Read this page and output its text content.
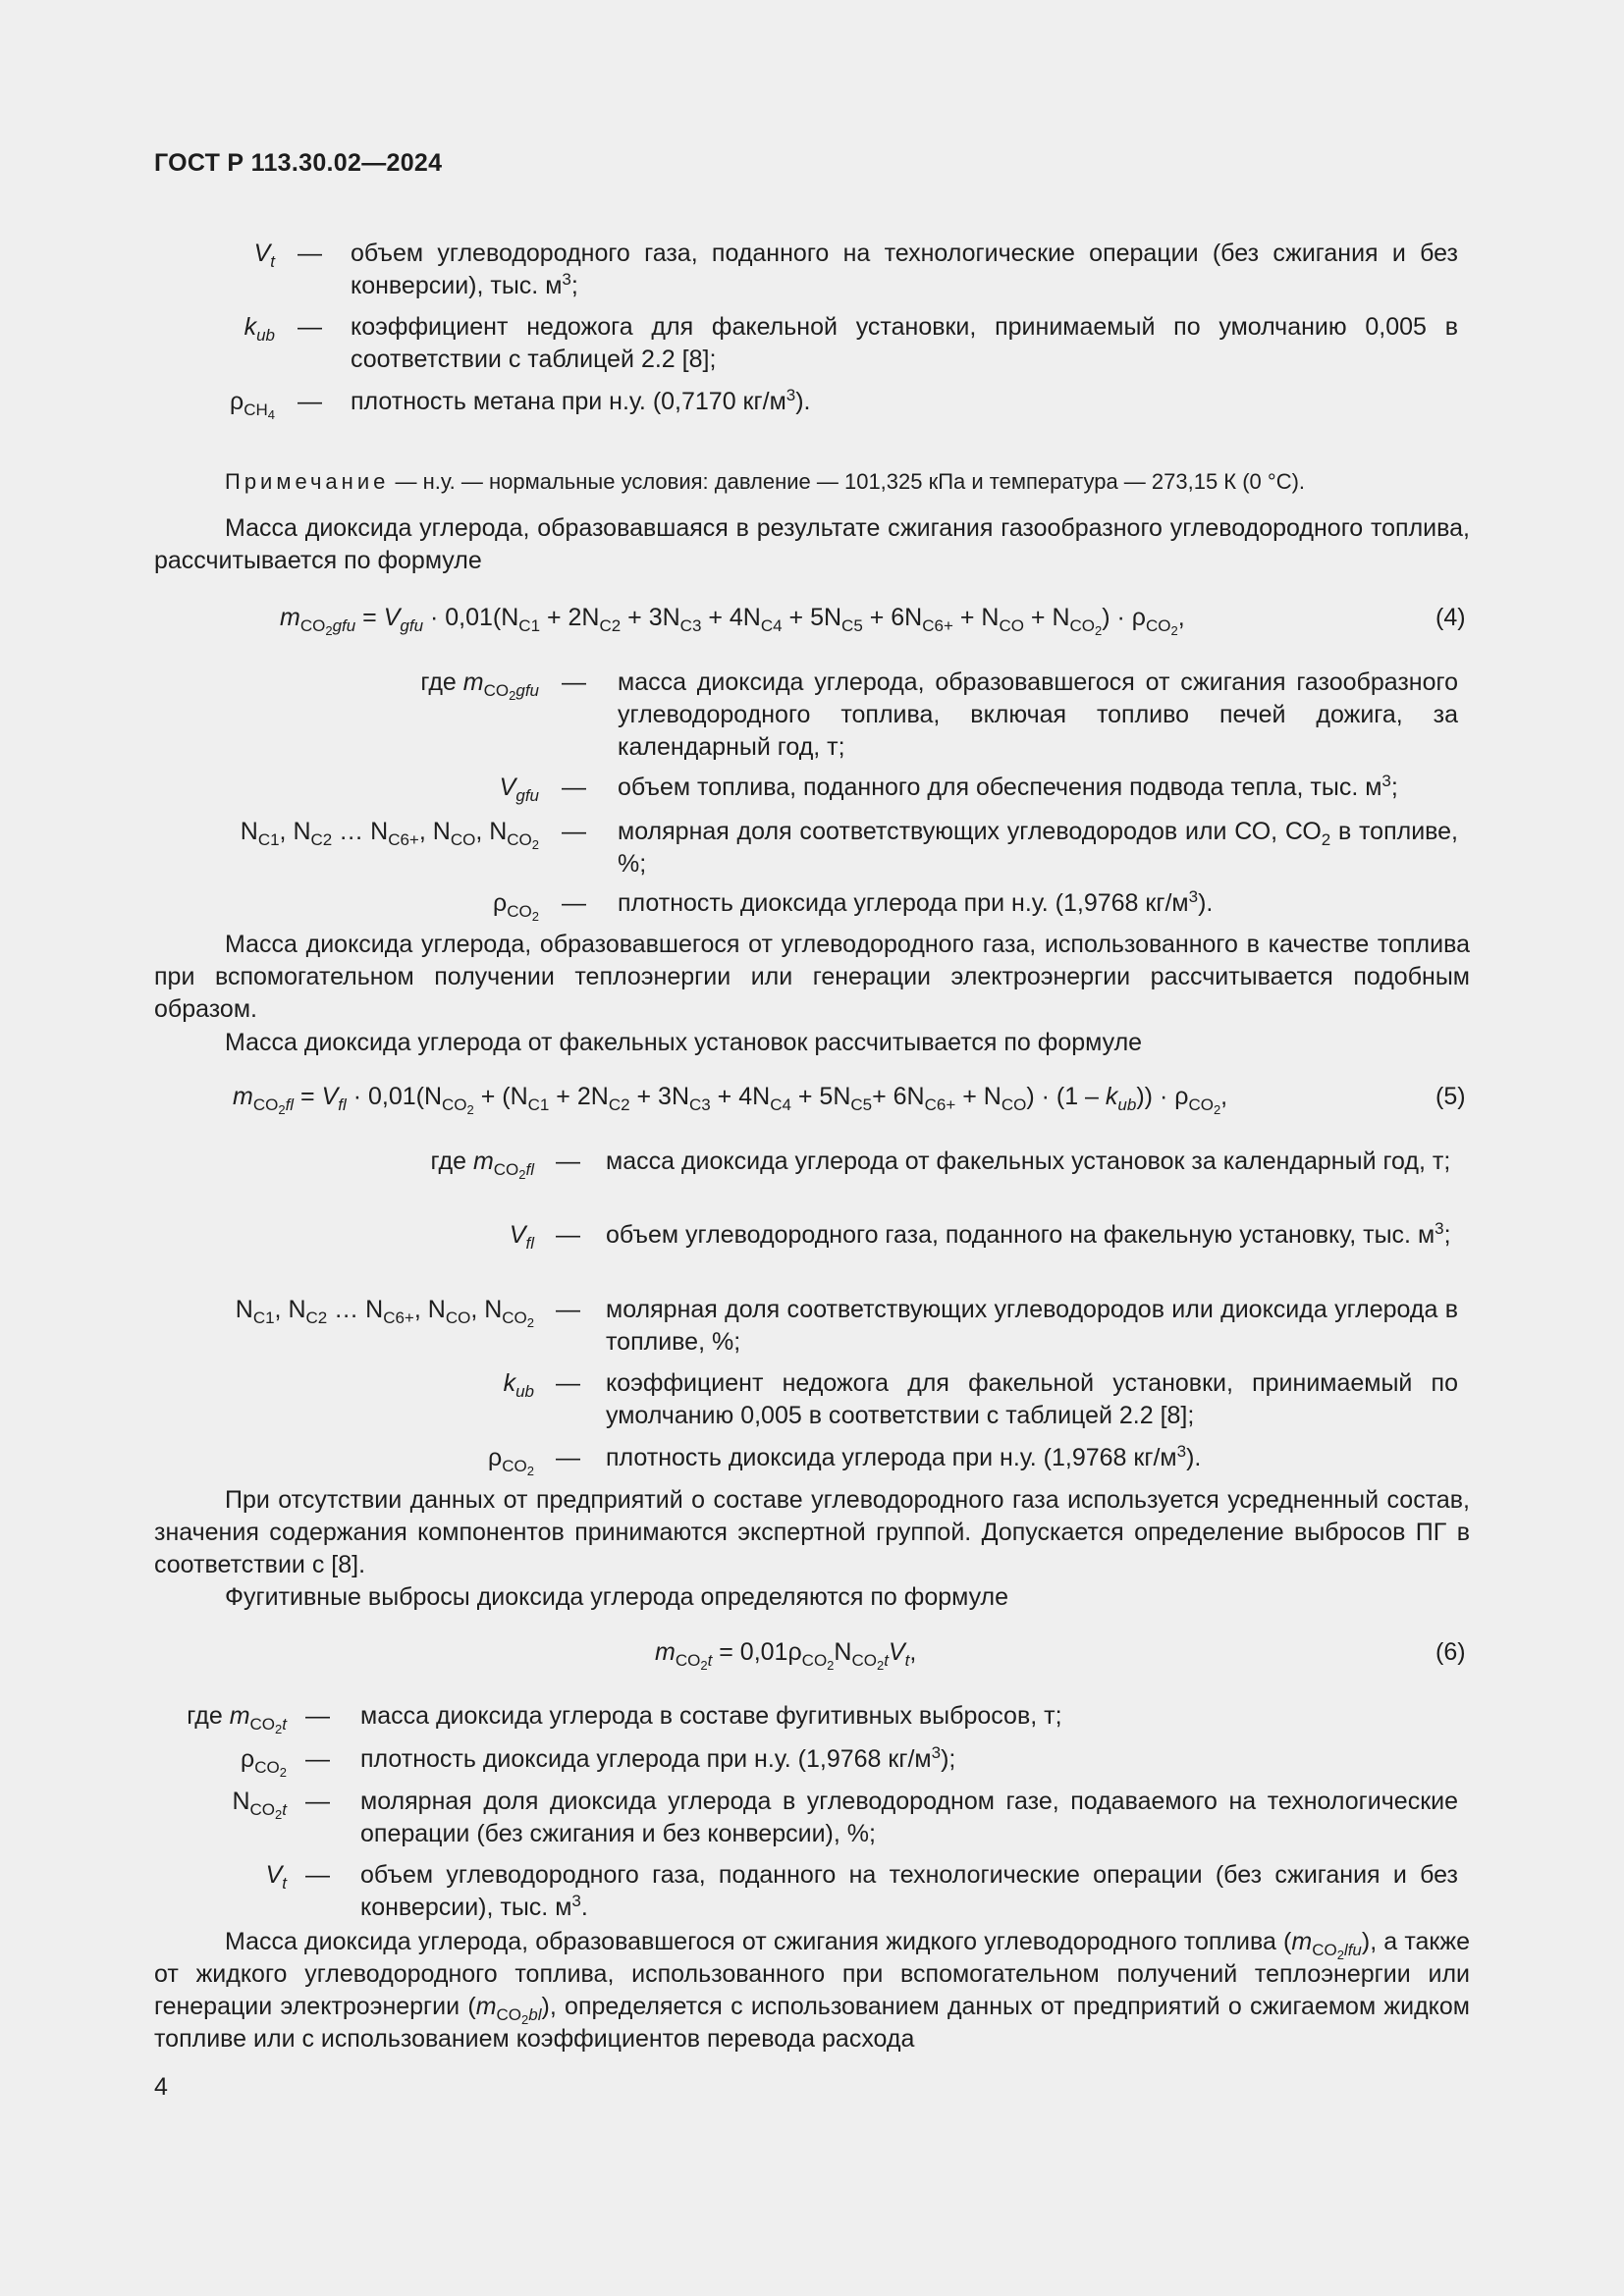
ГОСТ Р 113.30.02—2024
$V_t$ — объем углеводородного газа, поданного на технологические операции (без сжигания и без конверсии), тыс. $м^3$;
$k_{ub}$ — коэффициент недожога для факельной установки, принимаемый по умолчанию 0,005 в соответствии с таблицей 2.2 [8];
$\rho_{CH_4}$ — плотность метана при н.у. (0,7170 $кг/м^3$).
Примечание — н.у. — нормальные условия: давление — 101,325 кПа и температура — 273,15 К (0 °С).
Масса диоксида углерода, образовавшаяся в результате сжигания газообразного углеводородного топлива, рассчитывается по формуле
$m_{CO_2gfu} = V_{gfu} \cdot 0,01(N_{C1} + 2N_{C2} + 3N_{C3} + 4N_{C4} + 5N_{C5} + 6N_{C6+} + N_{CO} + N_{CO_2}) \cdot \rho_{CO_2}$,	(4)
где $m_{CO_2gfu}$ — масса диоксида углерода, образовавшегося от сжигания газообразного углеводородного топлива, включая топливо печей дожига, за календарный год, т;
$V_{gfu}$ — объем топлива, поданного для обеспечения подвода тепла, тыс. $м^3$;
$N_{C1}$, $N_{C2}$ … $N_{C6+}$, $N_{CO}$, $N_{CO_2}$ — молярная доля соответствующих углеводородов или СО, $СО_2$ в топливе, %;
$\rho_{CO_2}$ — плотность диоксида углерода при н.у. (1,9768 $кг/м^3$).
Масса диоксида углерода, образовавшегося от углеводородного газа, использованного в качестве топлива при вспомогательном получении теплоэнергии или генерации электроэнергии рассчитывается подобным образом.
Масса диоксида углерода от факельных установок рассчитывается по формуле
$m_{CO_2fl} = V_{fl} \cdot 0,01(N_{CO_2} + (N_{C1} + 2N_{C2} + 3N_{C3} + 4N_{C4} + 5N_{C5}+ 6N_{C6+} + N_{CO}) \cdot (1 - k_{ub})) \cdot \rho_{CO_2}$,	(5)
где $m_{CO_2fl}$ — масса диоксида углерода от факельных установок за календарный год, т;
$V_{fl}$ — объем углеводородного газа, поданного на факельную установку, тыс. $м^3$;
$N_{C1}$, $N_{C2}$ … $N_{C6+}$, $N_{CO}$, $N_{CO_2}$ — молярная доля соответствующих углеводородов или диоксида углерода в топливе, %;
$k_{ub}$ — коэффициент недожога для факельной установки, принимаемый по умолчанию 0,005 в соответствии с таблицей 2.2 [8];
$\rho_{CO_2}$ — плотность диоксида углерода при н.у. (1,9768 $кг/м^3$).
При отсутствии данных от предприятий о составе углеводородного газа используется усредненный состав, значения содержания компонентов принимаются экспертной группой. Допускается определение выбросов ПГ в соответствии с [8].
Фугитивные выбросы диоксида углерода определяются по формуле
$m_{CO_2t} = 0,01\rho_{CO_2}N_{CO_2t}V_t$,	(6)
где $m_{CO_2t}$ — масса диоксида углерода в составе фугитивных выбросов, т;
$\rho_{CO_2}$ — плотность диоксида углерода при н.у. (1,9768 $кг/м^3$);
$N_{CO_2t}$ — молярная доля диоксида углерода в углеводородном газе, подаваемого на технологические операции (без сжигания и без конверсии), %;
$V_t$ — объем углеводородного газа, поданного на технологические операции (без сжигания и без конверсии), тыс. $м^3$.
Масса диоксида углерода, образовавшегося от сжигания жидкого углеводородного топлива $(m_{CO_2lfu})$, а также от жидкого углеводородного топлива, использованного при вспомогательном получений теплоэнергии или генерации электроэнергии $(m_{CO_2bl})$, определяется с использованием данных от предприятий о сжигаемом жидком топливе или с использованием коэффициентов перевода расхода
4
